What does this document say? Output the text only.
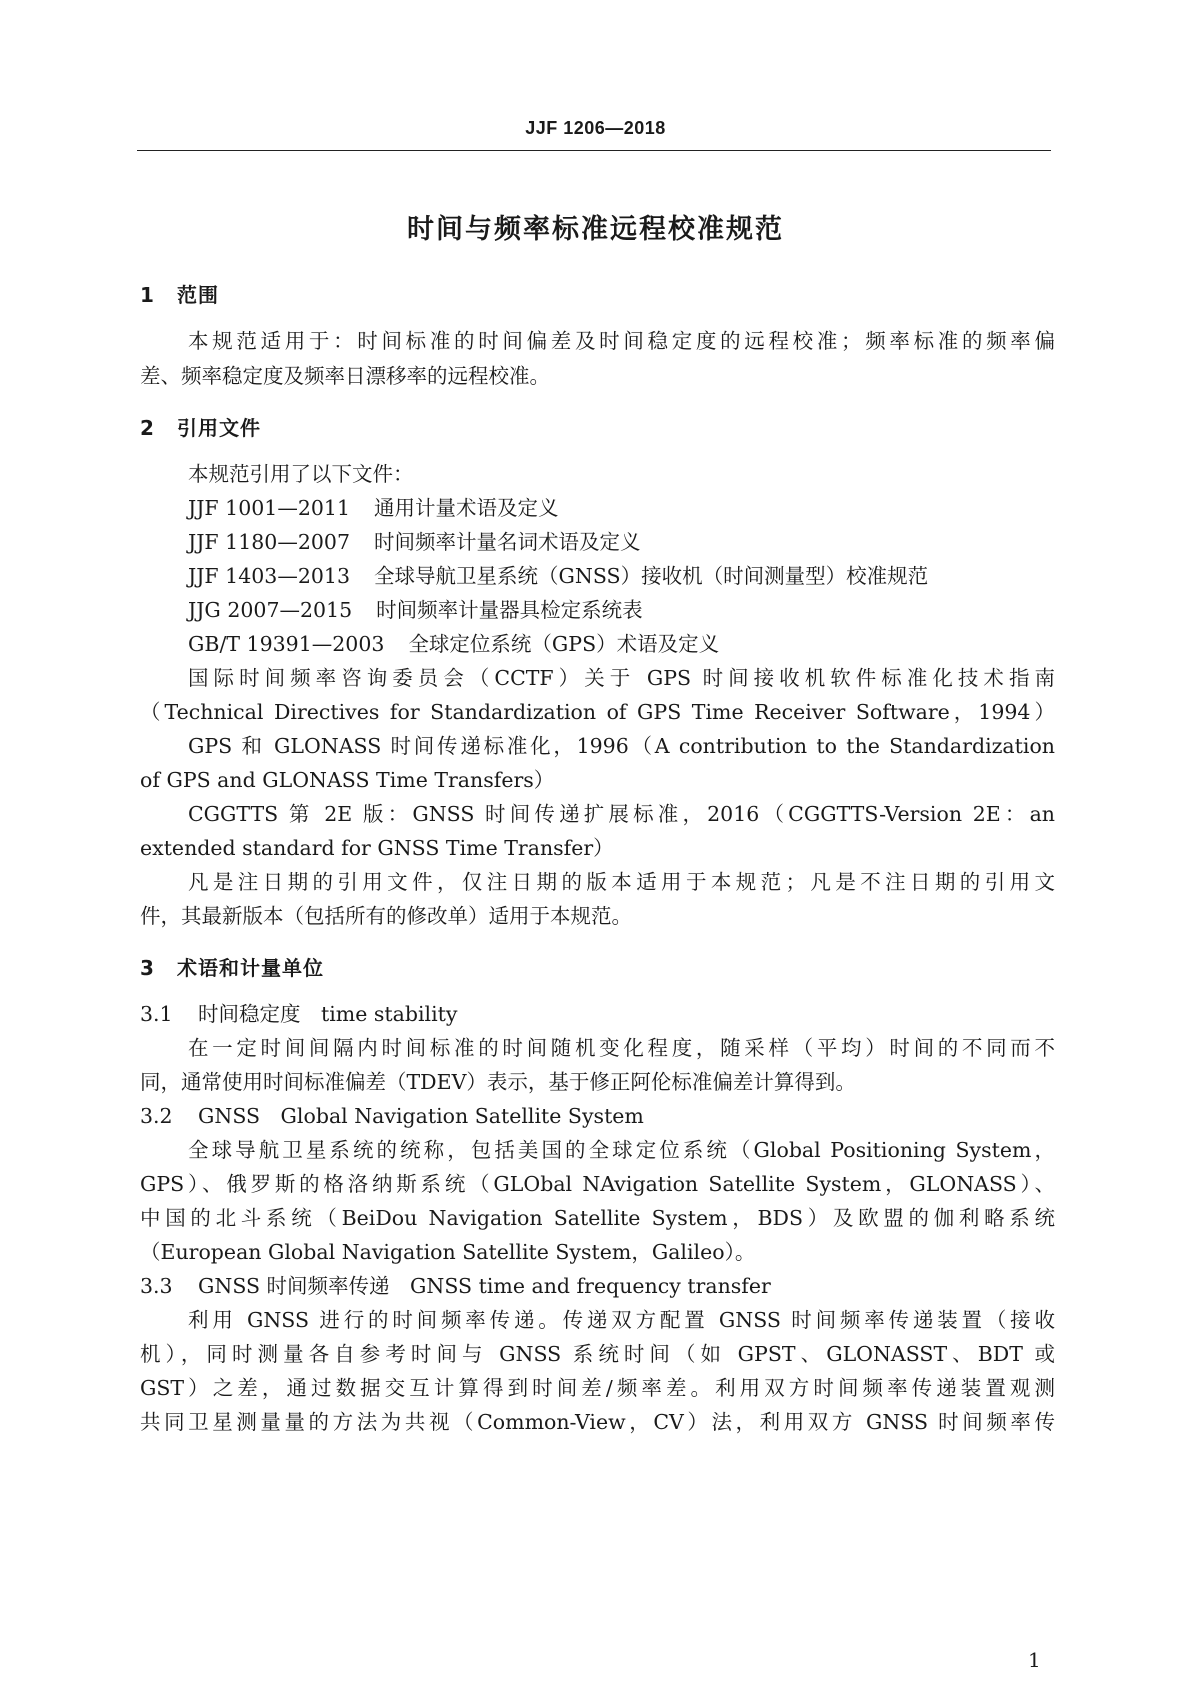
JJF 1206—2018
时间与频率标准远程校准规范
1 范围
本规范适用于：时间标准的时间偏差及时间稳定度的远程校准；频率标准的频率偏
差、频率稳定度及频率日漂移率的远程校准。
2 引用文件
本规范引用了以下文件：
JJF 1001—2011 通用计量术语及定义
JJF 1180—2007 时间频率计量名词术语及定义
JJF 1403—2013 全球导航卫星系统（GNSS）接收机（时间测量型）校准规范
JJG 2007—2015 时间频率计量器具检定系统表
GB/T 19391—2003 全球定位系统（GPS）术语及定义
国际时间频率咨询委员会（CCTF）关于 GPS 时间接收机软件标准化技术指南
（Technical Directives for Standardization of GPS Time Receiver Software，1994）
GPS 和 GLONASS 时间传递标准化，1996（A contribution to the Standardization
of GPS and GLONASS Time Transfers）
CGGTTS 第 2E 版：GNSS 时间传递扩展标准，2016（CGGTTS-Version 2E：an
extended standard for GNSS Time Transfer）
凡是注日期的引用文件，仅注日期的版本适用于本规范；凡是不注日期的引用文
件，其最新版本（包括所有的修改单）适用于本规范。
3 术语和计量单位
3.1 时间稳定度　time stability
在一定时间间隔内时间标准的时间随机变化程度，随采样（平均）时间的不同而不
同，通常使用时间标准偏差（TDEV）表示，基于修正阿伦标准偏差计算得到。
3.2 GNSS　Global Navigation Satellite System
全球导航卫星系统的统称，包括美国的全球定位系统（Global Positioning System，
GPS）、俄罗斯的格洛纳斯系统（GLObal NAvigation Satellite System，GLONASS）、
中国的北斗系统（BeiDou Navigation Satellite System，BDS）及欧盟的伽利略系统
（European Global Navigation Satellite System，Galileo）。
3.3 GNSS 时间频率传递　GNSS time and frequency transfer
利用 GNSS 进行的时间频率传递。传递双方配置 GNSS 时间频率传递装置（接收
机），同时测量各自参考时间与 GNSS 系统时间（如 GPST、GLONASST、BDT 或
GST）之差，通过数据交互计算得到时间差/频率差。利用双方时间频率传递装置观测
共同卫星测量量的方法为共视（Common-View，CV）法，利用双方 GNSS 时间频率传
1
